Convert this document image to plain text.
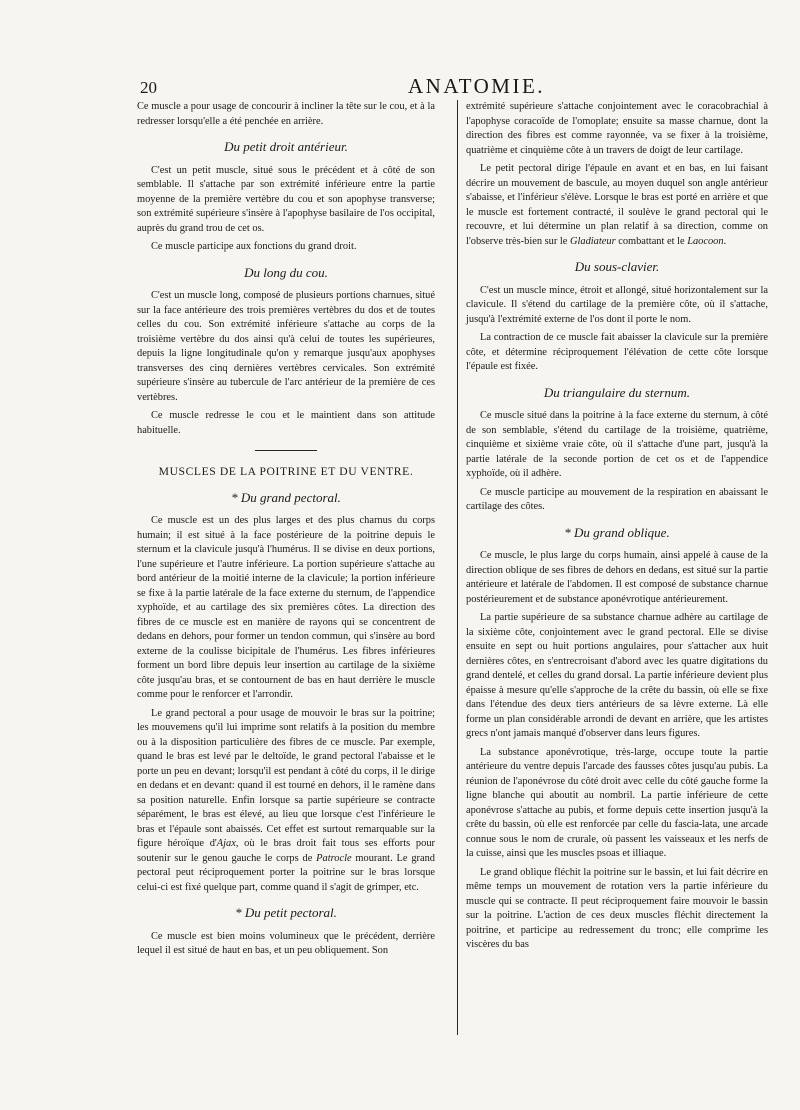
20	ANATOMIE.

Ce muscle a pour usage de concourir à incliner la tête sur le cou, et à la redresser lorsqu'elle a été penchée en arrière.

Du petit droit antérieur.

C'est un petit muscle, situé sous le précédent et à côté de son semblable. Il s'attache par son extrémité inférieure entre la partie moyenne de la première vertèbre du cou et son apophyse transverse; son extrémité supérieure s'insère à l'apophyse basilaire de l'os occipital, auprès du grand trou de cet os.

Ce muscle participe aux fonctions du grand droit.

Du long du cou.

C'est un muscle long, composé de plusieurs portions charnues, situé sur la face antérieure des trois premières vertèbres du dos et de toutes celles du cou. Son extrémité inférieure s'attache au corps de la troisième vertèbre du dos ainsi qu'à celui de toutes les supérieures, depuis la ligne longitudinale qu'on y remarque jusqu'aux apophyses transverses des cinq dernières vertèbres cervicales. Son extrémité supérieure s'insère au tubercule de l'arc antérieur de la première de ces vertèbres.

Ce muscle redresse le cou et le maintient dans son attitude habituelle.

MUSCLES DE LA POITRINE ET DU VENTRE.
* Du grand pectoral.

Ce muscle est un des plus larges et des plus charnus du corps humain; il est situé à la face postérieure de la poitrine depuis le sternum et la clavicule jusqu'à l'humérus. Il se divise en deux portions, l'une supérieure et l'autre inférieure. La portion supérieure s'attache au bord antérieur de la moitié interne de la clavicule; la portion inférieure se fixe à la partie latérale de la face externe du sternum, de l'appendice xyphoïde, et au cartilage des six premières côtes. La direction des fibres de ce muscle est en manière de rayons qui se concentrent de dedans en dehors, pour former un tendon commun, qui s'insère au bord externe de la coulisse bicipitale de l'humérus. Les fibres inférieures forment un bord libre depuis leur insertion au cartilage de la sixième côte jusqu'au bras, et se contournent de bas en haut derrière le muscle comme pour le renforcer et l'arrondir.

Le grand pectoral a pour usage de mouvoir le bras sur la poitrine; les mouvemens qu'il lui imprime sont relatifs à la position du membre ou à la disposition particulière des fibres de ce muscle. Par exemple, quand le bras est levé par le deltoïde, le grand pectoral l'abaisse et le porte un peu en devant; lorsqu'il est pendant à côté du corps, il le dirige en dedans et en devant: quand il est tourné en dehors, il le ramène dans sa position naturelle. Enfin lorsque sa partie supérieure se contracte séparément, le bras est élevé, au lieu que lorsque c'est l'inférieure le bras et l'épaule sont abaissés. Cet effet est surtout remarquable sur la figure héroïque d'Ajax, où le bras droit fait tous ses efforts pour soutenir sur le genou gauche le corps de Patrocle mourant. Le grand pectoral peut réciproquement porter la poitrine sur le bras lorsque celui-ci est fixé quelque part, comme quand il s'agit de grimper, etc.

* Du petit pectoral.

Ce muscle est bien moins volumineux que le précédent, derrière lequel il est situé de haut en bas, et un peu obliquement. Son

extrémité supérieure s'attache conjointement avec le coracobrachial à l'apophyse coracoïde de l'omoplate; ensuite sa masse charnue, dont la direction des fibres est comme rayonnée, va se fixer à la troisième, quatrième et cinquième côte à un travers de doigt de leur cartilage.

Le petit pectoral dirige l'épaule en avant et en bas, en lui faisant décrire un mouvement de bascule, au moyen duquel son angle antérieur s'abaisse, et l'inférieur s'élève. Lorsque le bras est porté en arrière et que le muscle est fortement contracté, il soulève le grand pectoral qui le recouvre, et lui détermine un plan relatif à sa direction, comme on l'observe très-bien sur le Gladiateur combattant et le Laocoon.

Du sous-clavier.

C'est un muscle mince, étroit et allongé, situé horizontalement sur la clavicule. Il s'étend du cartilage de la première côte, où il s'attache, jusqu'à l'extrémité externe de l'os dont il porte le nom.

La contraction de ce muscle fait abaisser la clavicule sur la première côte, et détermine réciproquement l'élévation de cette côte lorsque l'épaule est fixée.

Du triangulaire du sternum.

Ce muscle situé dans la poitrine à la face externe du sternum, à côté de son semblable, s'étend du cartilage de la troisième, quatrième, cinquième et sixième vraie côte, où il s'attache d'une part, jusqu'à la partie latérale de la seconde portion de cet os et de l'appendice xyphoïde, où il adhère.

Ce muscle participe au mouvement de la respiration en abaissant le cartilage des côtes.

* Du grand oblique.

Ce muscle, le plus large du corps humain, ainsi appelé à cause de la direction oblique de ses fibres de dehors en dedans, est situé sur la partie antérieure et latérale de l'abdomen. Il est composé de substance charnue postérieurement et de substance aponévrotique antérieurement.

La partie supérieure de sa substance charnue adhère au cartilage de la sixième côte, conjointement avec le grand pectoral. Elle se divise ensuite en sept ou huit portions angulaires, pour s'attacher aux huit dernières côtes, en s'entrecroisant d'abord avec les quatre digitations du grand dentelé, et celles du grand dorsal. La partie inférieure devient plus épaisse à mesure qu'elle s'approche de la crête du bassin, où elle se fixe dans l'étendue des deux tiers antérieurs de sa lèvre externe. Là elle forme un plan considérable arrondi de devant en arrière, que les artistes grecs n'ont jamais manqué d'observer dans leurs figures.

La substance aponévrotique, très-large, occupe toute la partie antérieure du ventre depuis l'arcade des fausses côtes jusqu'au pubis. La réunion de l'aponévrose du côté droit avec celle du côté gauche forme la ligne blanche qui aboutit au nombril. La partie inférieure de cette aponévrose s'attache au pubis, et forme depuis cette insertion jusqu'à la crête du bassin, où elle est renforcée par celle du fascia-lata, une arcade connue sous le nom de crurale, où passent les vaisseaux et les nerfs de la cuisse, ainsi que les muscles psoas et illiaque.

Le grand oblique fléchit la poitrine sur le bassin, et lui fait décrire en même temps un mouvement de rotation vers la partie inférieure du muscle qui se contracte. Il peut réciproquement faire mouvoir le bassin sur la poitrine. L'action de ces deux muscles fléchit directement la poitrine, et participe au redressement du tronc; elle comprime les viscères du bas
